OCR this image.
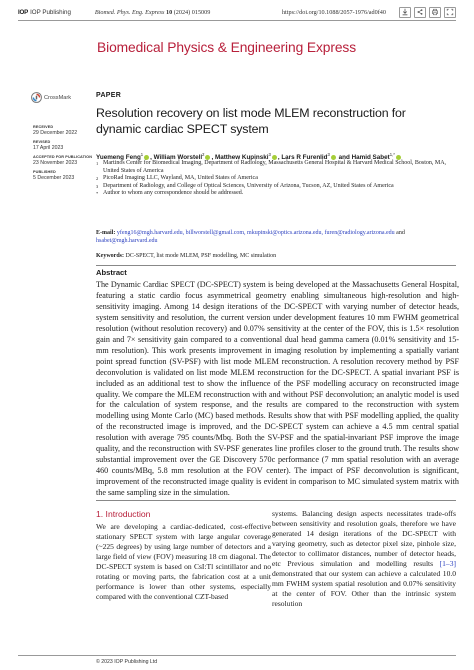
IOP IOP Publishing	Biomed. Phys. Eng. Express 10 (2024) 015009	https://doi.org/10.1088/2057-1976/ad0f40
Biomedical Physics & Engineering Express
CrossMark
RECEIVED
29 December 2022
REVISED
17 April 2023
ACCEPTED FOR PUBLICATION
23 November 2023
PUBLISHED
5 December 2023
PAPER
Resolution recovery on list mode MLEM reconstruction for dynamic cardiac SPECT system
Yuemeng Feng$^1$ , William Worstell$^2$ , Matthew Kupinski$^3$ , Lars R Furenlid$^3$ and Hamid Sabet$^{1,*}$
1 Martinos Center for Biomedical Imaging, Department of Radiology, Massachusetts General Hospital & Harvard Medical School, Boston, MA, United States of America
2 PicoRad Imaging LLC, Wayland, MA, United States of America
3 Department of Radiology, and College of Optical Sciences, University of Arizona, Tucson, AZ, United States of America
* Author to whom any correspondence should be addressed.
E-mail: yfeng16@mgh.harvard.edu, billworstell@gmail.com, mkupinski@optics.arizona.edu, furen@radiology.arizona.edu and hsabet@mgh.harvard.edu
Keywords: DC-SPECT, list mode MLEM, PSF modelling, MC simulation
Abstract
The Dynamic Cardiac SPECT (DC-SPECT) system is being developed at the Massachusetts General Hospital, featuring a static cardio focus asymmetrical geometry enabling simultaneous high-resolution and high-sensitivity imaging. Among 14 design iterations of the DC-SPECT with varying number of detector heads, system sensitivity and resolution, the current version under development features 10 mm FWHM geometrical resolution (without resolution recovery) and 0.07% sensitivity at the center of the FOV, this is 1.5× resolution gain and 7× sensitivity gain compared to a conventional dual head gamma camera (0.01% sensitivity and 15-mm resolution). This work presents improvement in imaging resolution by implementing a spatially variant point spread function (SV-PSF) with list mode MLEM reconstruction. A resolution recovery method by PSF deconvolution is validated on list mode MLEM reconstruction for the DC-SPECT. A spatial invariant PSF is included as an additional test to show the influence of the PSF modelling accuracy on reconstructed image quality. We compare the MLEM reconstruction with and without PSF deconvolution; an analytic model is used for the calculation of system response, and the results are compared to the reconstruction with system modelling using Monte Carlo (MC) based methods. Results show that with PSF modelling applied, the quality of the reconstructed image is improved, and the DC-SPECT system can achieve a 4.5 mm central spatial resolution with average 795 counts/Mbq. Both the SV-PSF and the spatial-invariant PSF improve the image quality, and the reconstruction with SV-PSF generates line profiles closer to the ground truth. The results show substantial improvement over the GE Discovery 570c performance (7 mm spatial resolution with an average 460 counts/MBq, 5.8 mm resolution at the FOV center). The impact of PSF deconvolution is significant, improvement of the reconstructed image quality is evident in comparison to MC simulated system matrix with the same sampling size in the simulation.
1. Introduction
We are developing a cardiac-dedicated, cost-effective stationary SPECT system with large angular coverage (~225 degrees) by using large number of detectors and a large field of view (FOV) measuring 18 cm diagonal. The DC-SPECT system is based on CsI:Tl scintillator and no rotating or moving parts, the fabrication cost at a unit performance is lower than other systems, especially compared with the conventional CZT-based
systems. Balancing design aspects necessitates trade-offs between sensitivity and resolution goals, therefore we have generated 14 design iterations of the DC-SPECT with varying geometry, such as detector pixel size, pinhole size, detector to collimator distances, number of detector heads, etc Previous simulation and modelling results [1–3] demonstrated that our system can achieve a calculated 10.0 mm FWHM system spatial resolution and 0.07% sensitivity at the center of FOV. Other than the intrinsic system resolution
© 2023 IOP Publishing Ltd
